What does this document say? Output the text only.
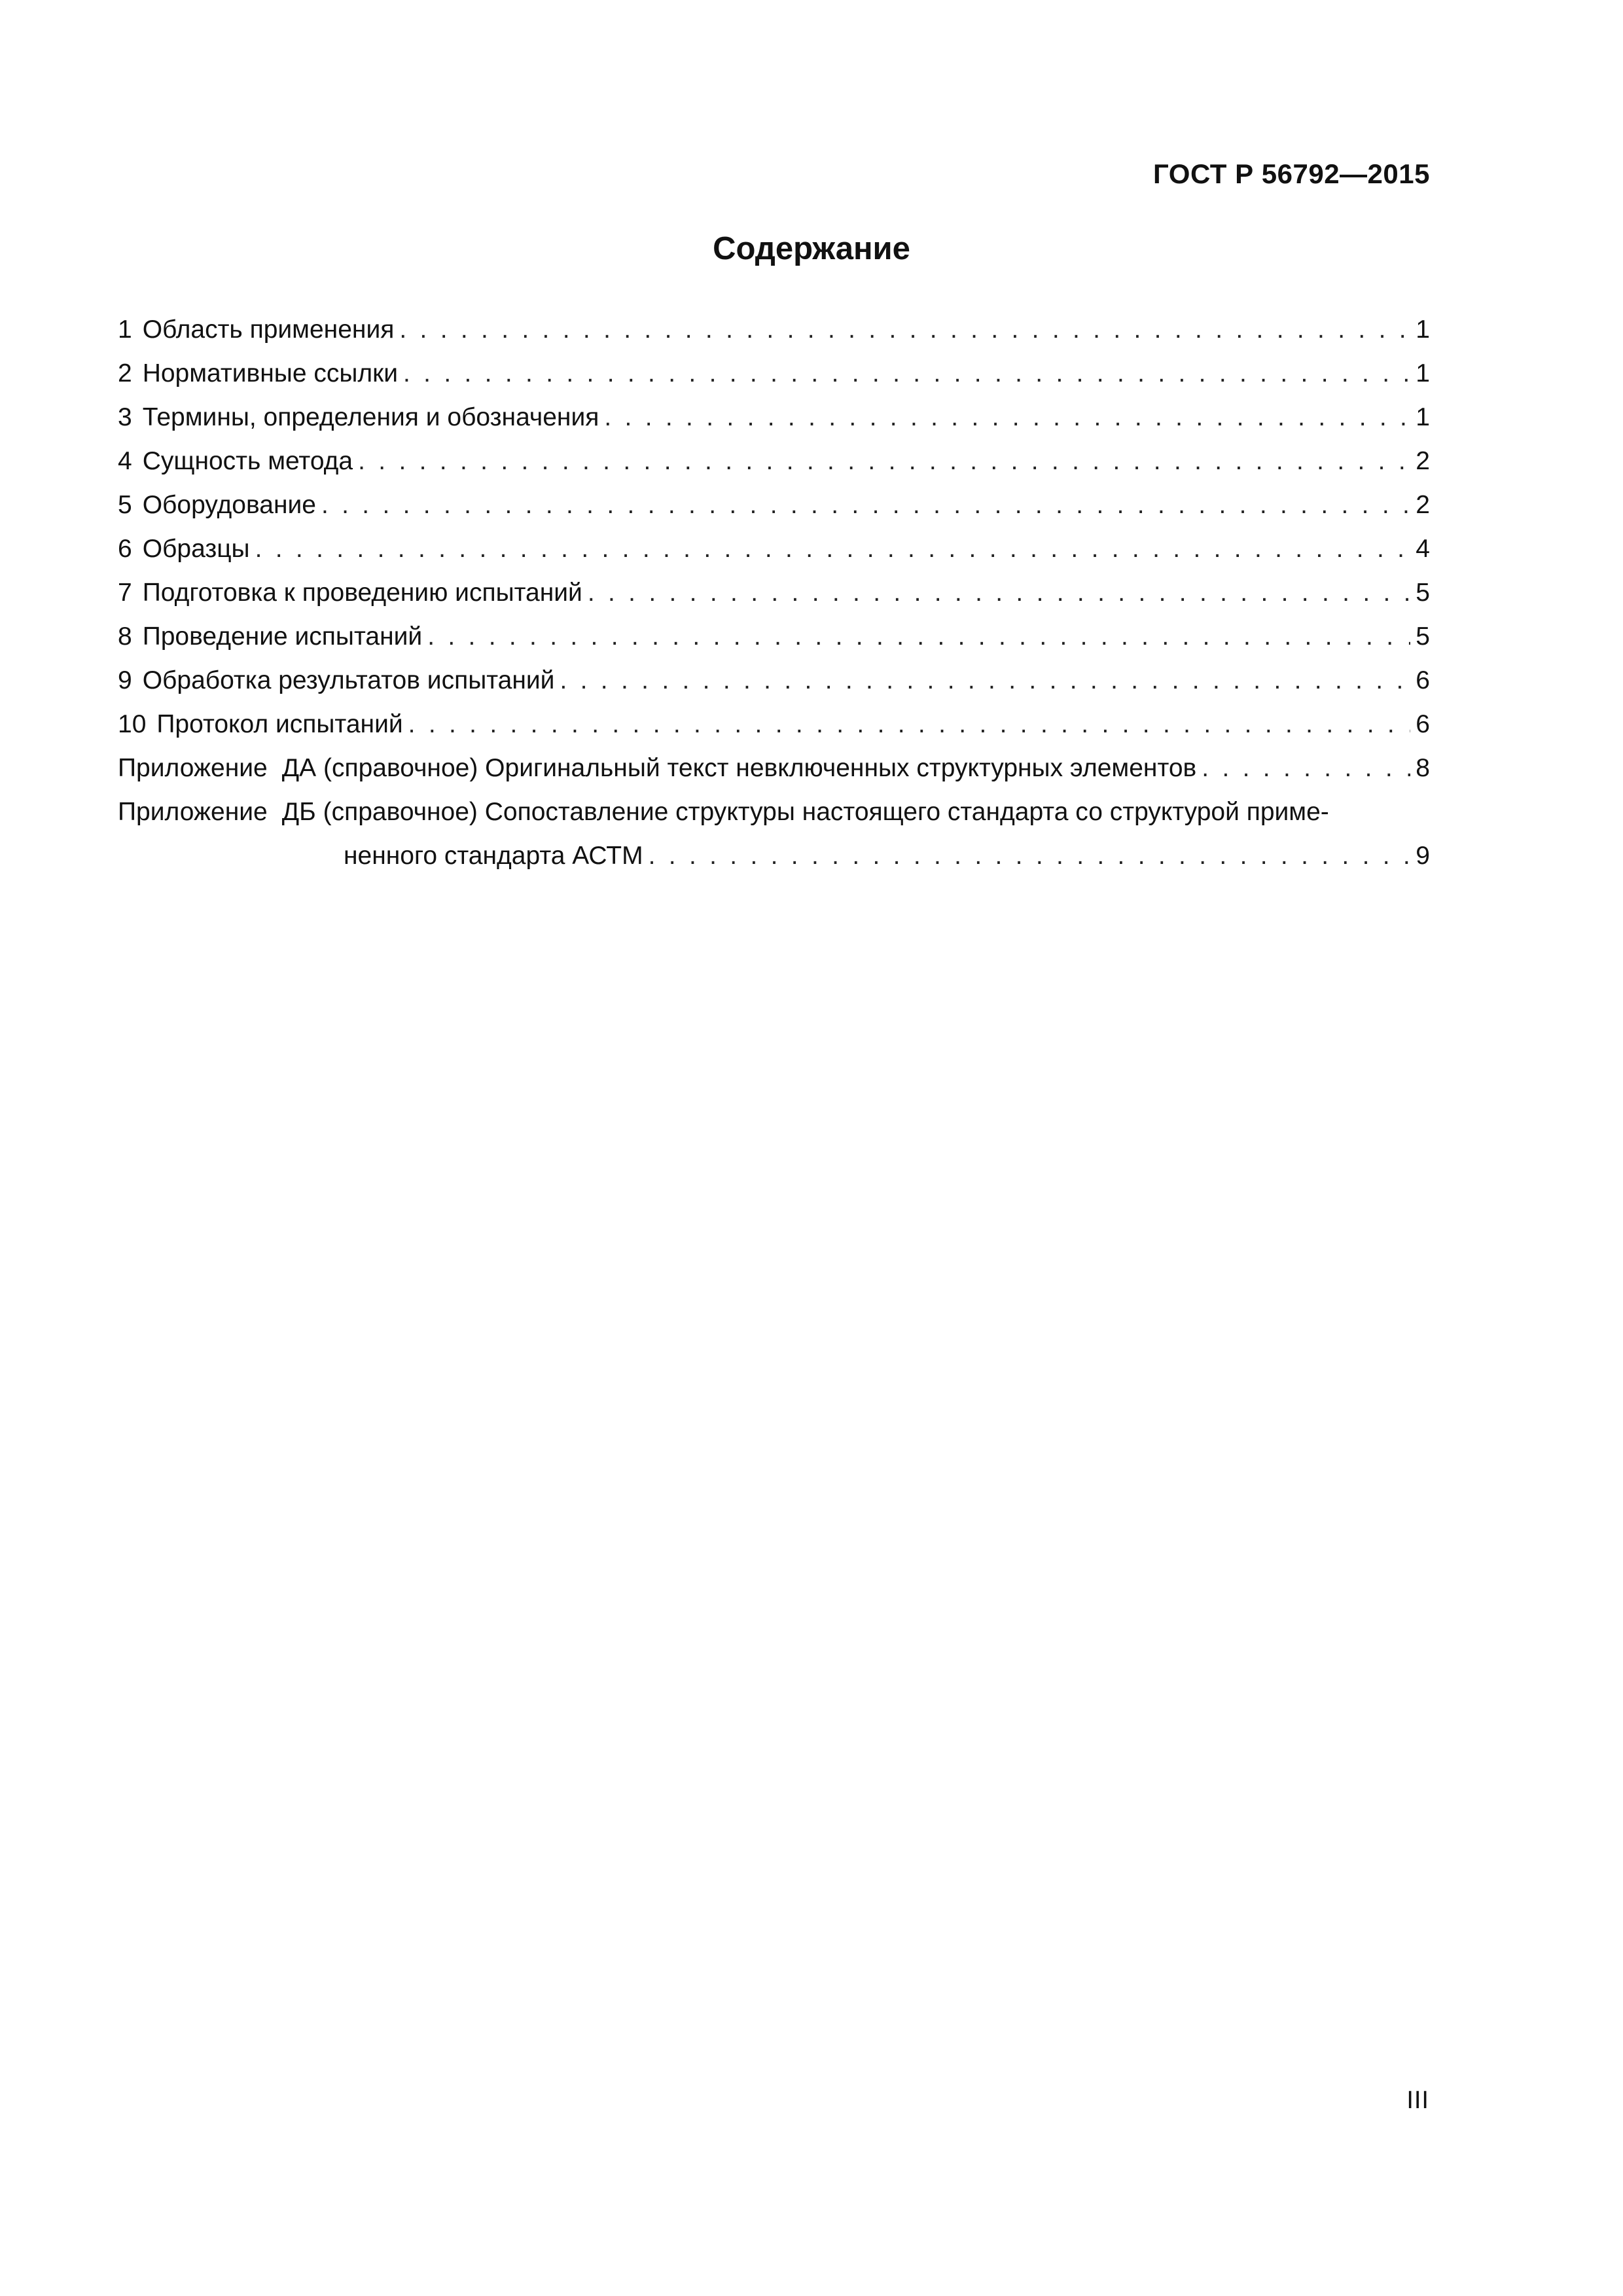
ГОСТ Р 56792—2015
Содержание
1 Область применения . . .	1
2 Нормативные ссылки . . .	1
3 Термины, определения и обозначения . . .	1
4 Сущность метода . . .	2
5 Оборудование . . .	2
6 Образцы . . .	4
7 Подготовка к проведению испытаний . . .	5
8 Проведение испытаний . . .	5
9 Обработка результатов испытаний . . .	6
10 Протокол испытаний . . .	6
Приложение ДА (справочное) Оригинальный текст невключенных структурных элементов . . .	8
Приложение ДБ (справочное) Сопоставление структуры настоящего стандарта со структурой приме-
ненного стандарта АСТМ . . .	9
III
